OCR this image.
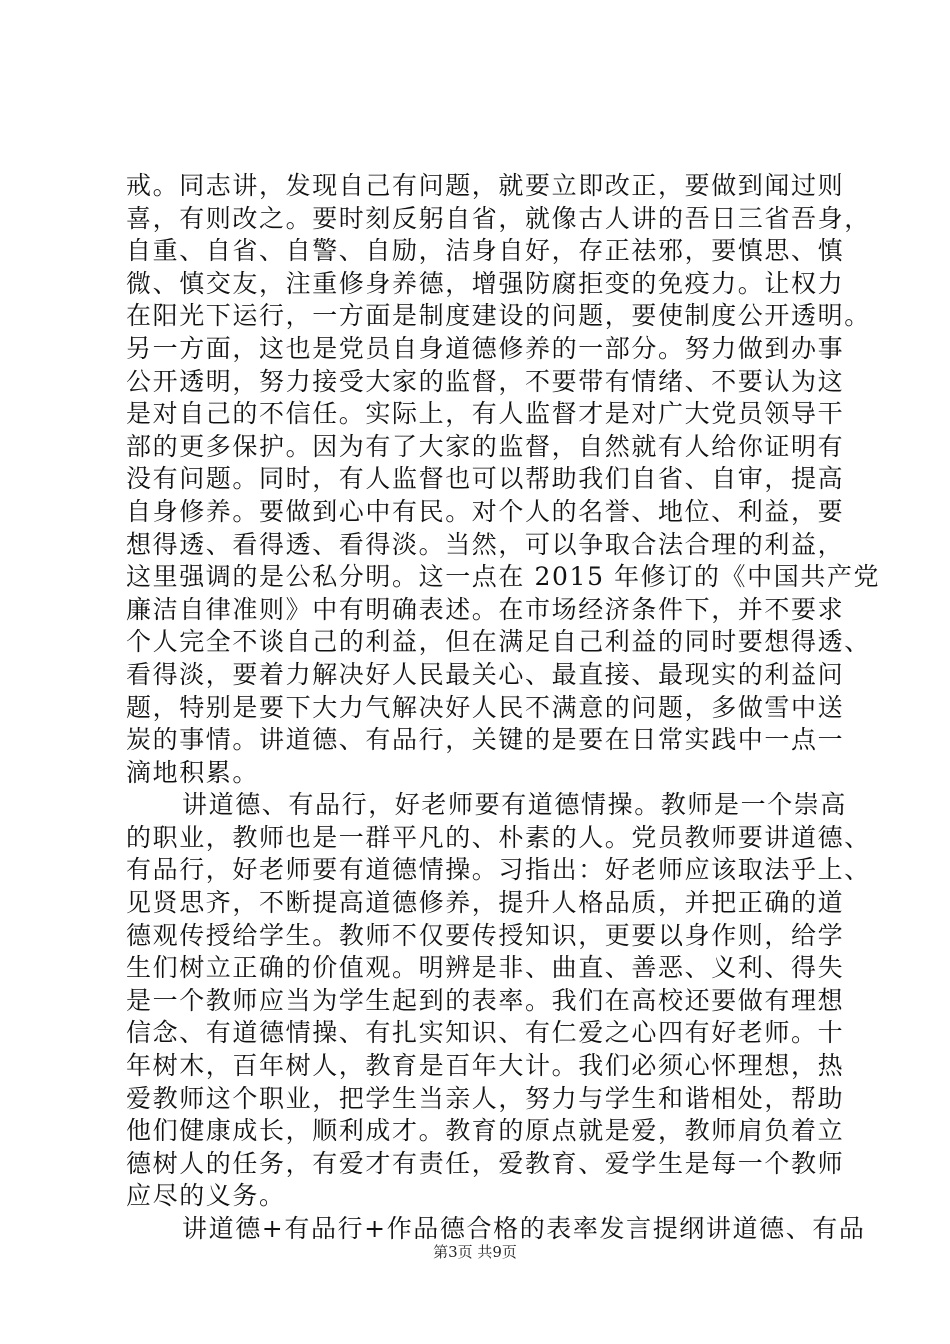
戒。同志讲，发现自己有问题，就要立即改正，要做到闻过则
喜，有则改之。要时刻反躬自省，就像古人讲的吾日三省吾身，
自重、自省、自警、自励，洁身自好，存正祛邪，要慎思、慎
微、慎交友，注重修身养德，增强防腐拒变的免疫力。让权力
在阳光下运行，一方面是制度建设的问题，要使制度公开透明。
另一方面，这也是党员自身道德修养的一部分。努力做到办事
公开透明，努力接受大家的监督，不要带有情绪、不要认为这
是对自己的不信任。实际上，有人监督才是对广大党员领导干
部的更多保护。因为有了大家的监督，自然就有人给你证明有
没有问题。同时，有人监督也可以帮助我们自省、自审，提高
自身修养。要做到心中有民。对个人的名誉、地位、利益，要
想得透、看得透、看得淡。当然，可以争取合法合理的利益，
这里强调的是公私分明。这一点在 2015 年修订的《中国共产党
廉洁自律准则》中有明确表述。在市场经济条件下，并不要求
个人完全不谈自己的利益，但在满足自己利益的同时要想得透、
看得淡，要着力解决好人民最关心、最直接、最现实的利益问
题，特别是要下大力气解决好人民不满意的问题，多做雪中送
炭的事情。讲道德、有品行，关键的是要在日常实践中一点一
滴地积累。
讲道德、有品行，好老师要有道德情操。教师是一个崇高
的职业，教师也是一群平凡的、朴素的人。党员教师要讲道德、
有品行，好老师要有道德情操。习指出：好老师应该取法乎上、
见贤思齐，不断提高道德修养，提升人格品质，并把正确的道
德观传授给学生。教师不仅要传授知识，更要以身作则，给学
生们树立正确的价值观。明辨是非、曲直、善恶、义利、得失
是一个教师应当为学生起到的表率。我们在高校还要做有理想
信念、有道德情操、有扎实知识、有仁爱之心四有好老师。十
年树木，百年树人，教育是百年大计。我们必须心怀理想，热
爱教师这个职业，把学生当亲人，努力与学生和谐相处，帮助
他们健康成长，顺利成才。教育的原点就是爱，教师肩负着立
德树人的任务，有爱才有责任，爱教育、爱学生是每一个教师
应尽的义务。
讲道德+有品行+作品德合格的表率发言提纲讲道德、有品
第3页 共9页
